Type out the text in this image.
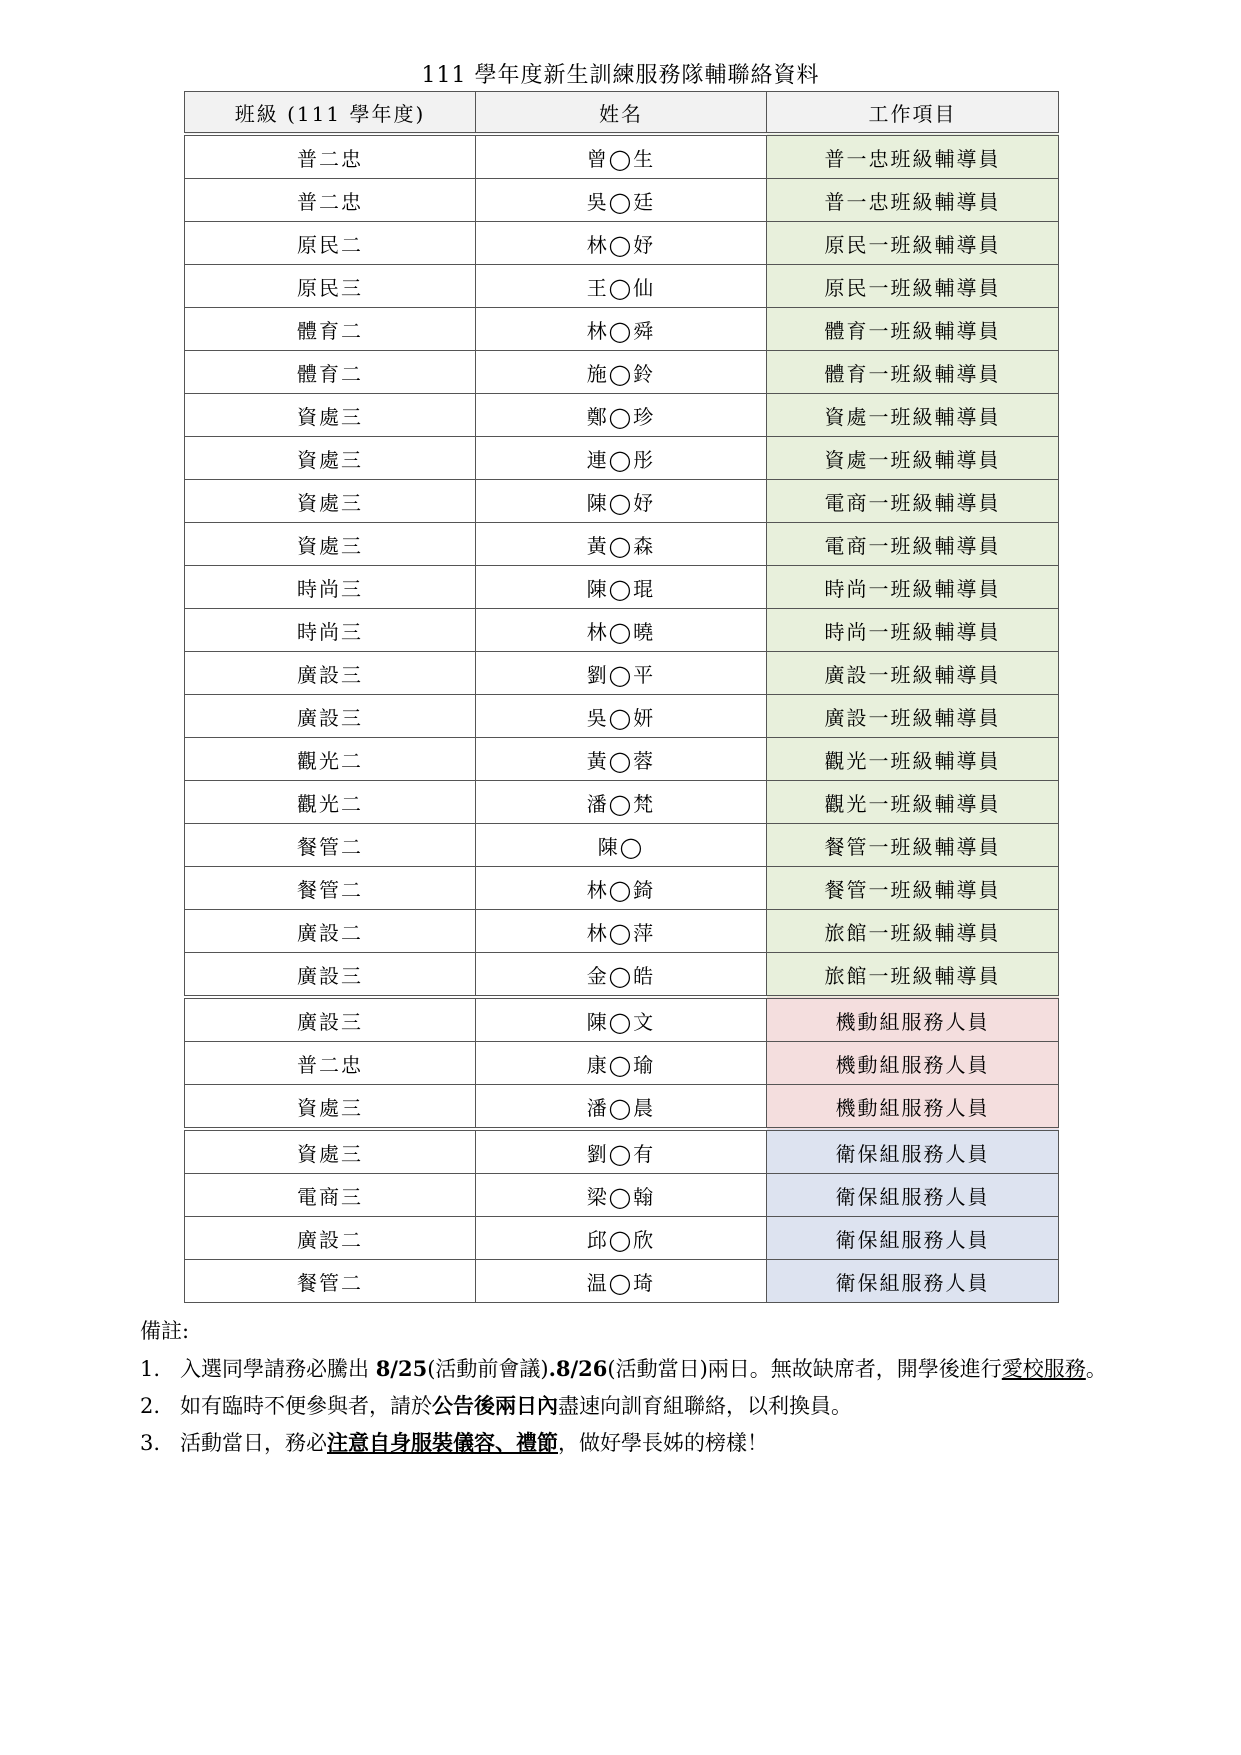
111 學年度新生訓練服務隊輔聯絡資料
班級 (111 學年度)	姓名	工作項目
普二忠	曾◯生	普一忠班級輔導員
普二忠	吳◯廷	普一忠班級輔導員
原民二	林◯妤	原民一班級輔導員
原民三	王◯仙	原民一班級輔導員
體育二	林◯舜	體育一班級輔導員
體育二	施◯鈴	體育一班級輔導員
資處三	鄭◯珍	資處一班級輔導員
資處三	連◯彤	資處一班級輔導員
資處三	陳◯妤	電商一班級輔導員
資處三	黃◯森	電商一班級輔導員
時尚三	陳◯琨	時尚一班級輔導員
時尚三	林◯曉	時尚一班級輔導員
廣設三	劉◯平	廣設一班級輔導員
廣設三	吳◯妍	廣設一班級輔導員
觀光二	黃◯蓉	觀光一班級輔導員
觀光二	潘◯梵	觀光一班級輔導員
餐管二	陳◯	餐管一班級輔導員
餐管二	林◯錡	餐管一班級輔導員
廣設二	林◯萍	旅館一班級輔導員
廣設三	金◯皓	旅館一班級輔導員
廣設三	陳◯文	機動組服務人員
普二忠	康◯瑜	機動組服務人員
資處三	潘◯晨	機動組服務人員
資處三	劉◯有	衛保組服務人員
電商三	梁◯翰	衛保組服務人員
廣設二	邱◯欣	衛保組服務人員
餐管二	温◯琦	衛保組服務人員
備註:
1. 入選同學請務必騰出 8/25(活動前會議).8/26(活動當日)兩日。無故缺席者，開學後進行愛校服務。
2. 如有臨時不便參與者，請於公告後兩日內盡速向訓育組聯絡，以利換員。
3. 活動當日，務必注意自身服裝儀容、禮節，做好學長姊的榜樣！
